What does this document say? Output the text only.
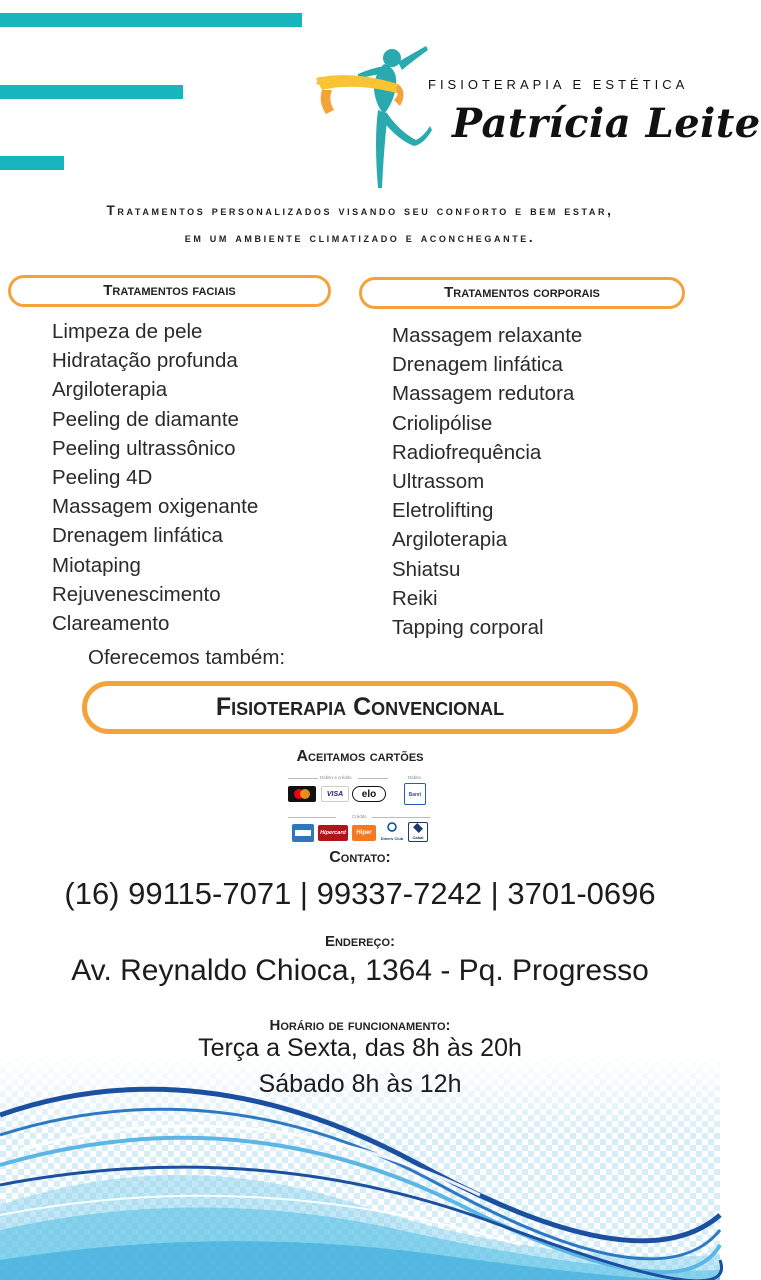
FISIOTERAPIA E ESTÉTICA
Patrícia Leite
Tratamentos personalizados visando seu conforto e bem estar,
em um ambiente climatizado e aconchegante.
Tratamentos faciais
Limpeza de pele
Hidratação profunda
Argiloterapia
Peeling de diamante
Peeling ultrassônico
Peeling 4D
Massagem oxigenante
Drenagem linfática
Miotaping
Rejuvenescimento
Clareamento
Tratamentos corporais
Massagem relaxante
Drenagem linfática
Massagem redutora
Criolipólise
Radiofrequência
Ultrassom
Eletrolifting
Argiloterapia
Shiatsu
Reiki
Tapping corporal
Oferecemos também:
Fisioterapia Convencional
Aceitamos cartões
Débito e crédito	Débito
VISA	elo	Banri
Crédito
Hipercard	Hiper
Diners Club	Cabal
Contato:
(16) 99115-7071 | 99337-7242 | 3701-0696
Endereço:
Av. Reynaldo Chioca, 1364 - Pq. Progresso
Horário de funcionamento:
Terça a Sexta, das 8h às 20h
Sábado 8h às 12h
